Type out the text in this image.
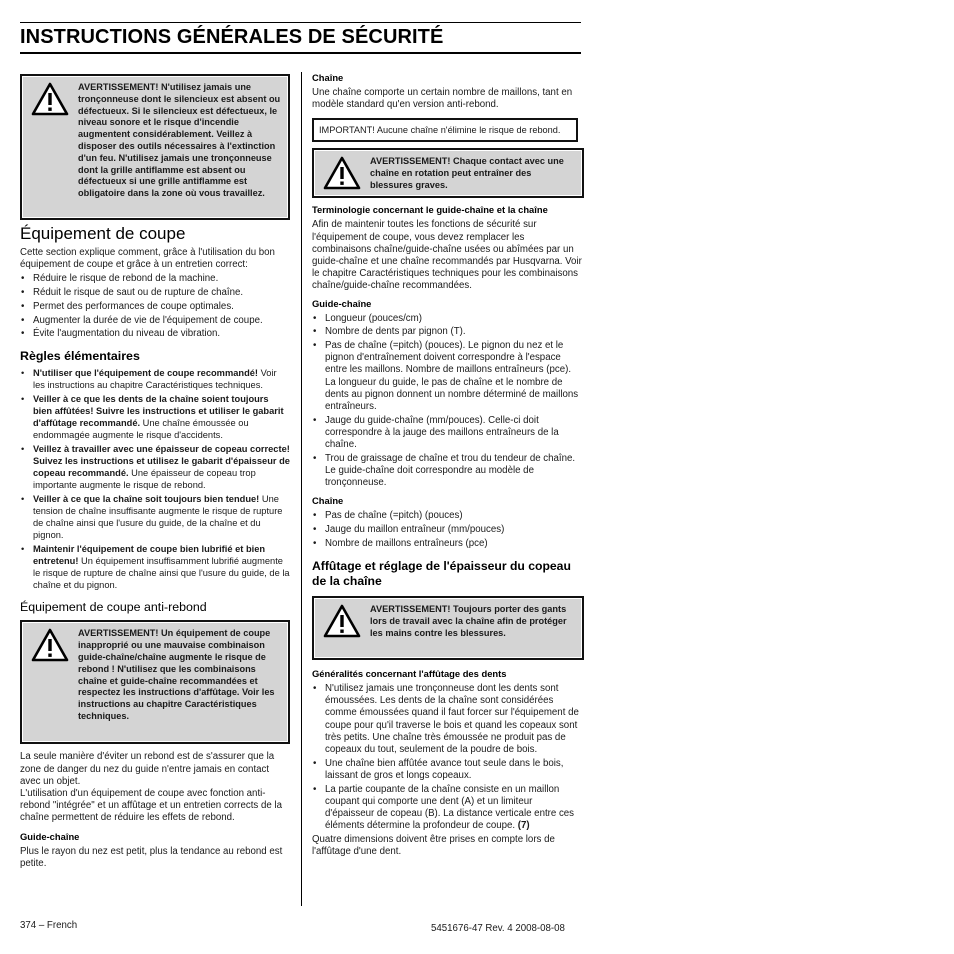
INSTRUCTIONS GÉNÉRALES DE SÉCURITÉ
AVERTISSEMENT! N'utilisez jamais une tronçonneuse dont le silencieux est absent ou défectueux. Si le silencieux est défectueux, le niveau sonore et le risque d'incendie augmentent considérablement. Veillez à disposer des outils nécessaires à l'extinction d'un feu. N'utilisez jamais une tronçonneuse dont la grille antiflamme est absent ou défectueux si une grille antiflamme est obligatoire dans la zone où vous travaillez.
Équipement de coupe
Cette section explique comment, grâce à l'utilisation du bon équipement de coupe et grâce à un entretien correct:
• Réduire le risque de rebond de la machine.
• Réduit le risque de saut ou de rupture de chaîne.
• Permet des performances de coupe optimales.
• Augmenter la durée de vie de l'équipement de coupe.
• Évite l'augmentation du niveau de vibration.
Règles élémentaires
• N'utiliser que l'équipement de coupe recommandé! Voir les instructions au chapitre Caractéristiques techniques.
• Veiller à ce que les dents de la chaîne soient toujours bien affûtées! Suivre les instructions et utiliser le gabarit d'affûtage recommandé. Une chaîne émoussée ou endommagée augmente le risque d'accidents.
• Veillez à travailler avec une épaisseur de copeau correcte! Suivez les instructions et utilisez le gabarit d'épaisseur de copeau recommandé. Une épaisseur de copeau trop importante augmente le risque de rebond.
• Veiller à ce que la chaîne soit toujours bien tendue! Une tension de chaîne insuffisante augmente le risque de rupture de chaîne ainsi que l'usure du guide, de la chaîne et du pignon.
• Maintenir l'équipement de coupe bien lubrifié et bien entretenu! Un équipement insuffisamment lubrifié augmente le risque de rupture de chaîne ainsi que l'usure du guide, de la chaîne et du pignon.
Équipement de coupe anti-rebond
AVERTISSEMENT! Un équipement de coupe inapproprié ou une mauvaise combinaison guide-chaîne/chaîne augmente le risque de rebond ! N'utilisez que les combinaisons chaîne et guide-chaîne recommandées et respectez les instructions d'affûtage. Voir les instructions au chapitre Caractéristiques techniques.
La seule manière d'éviter un rebond est de s'assurer que la zone de danger du nez du guide n'entre jamais en contact avec un objet.
L'utilisation d'un équipement de coupe avec fonction anti-rebond "intégrée" et un affûtage et un entretien corrects de la chaîne permettent de réduire les effets de rebond.
Guide-chaîne
Plus le rayon du nez est petit, plus la tendance au rebond est petite.
Chaîne
Une chaîne comporte un certain nombre de maillons, tant en modèle standard qu'en version anti-rebond.
IMPORTANT! Aucune chaîne n'élimine le risque de rebond.
AVERTISSEMENT! Chaque contact avec une chaîne en rotation peut entraîner des blessures graves.
Terminologie concernant le guide-chaîne et la chaîne
Afin de maintenir toutes les fonctions de sécurité sur l'équipement de coupe, vous devez remplacer les combinaisons chaîne/guide-chaîne usées ou abîmées par un guide-chaîne et une chaîne recommandés par Husqvarna. Voir le chapitre Caractéristiques techniques pour les combinaisons chaîne/guide-chaîne recommandées.
Guide-chaîne
• Longueur (pouces/cm)
• Nombre de dents par pignon (T).
• Pas de chaîne (=pitch) (pouces). Le pignon du nez et le pignon d'entraînement doivent correspondre à l'espace entre les maillons. Nombre de maillons entraîneurs (pce). La longueur du guide, le pas de chaîne et le nombre de dents au pignon donnent un nombre déterminé de maillons entraîneurs.
• Jauge du guide-chaîne (mm/pouces). Celle-ci doit correspondre à la jauge des maillons entraîneurs de la chaîne.
• Trou de graissage de chaîne et trou du tendeur de chaîne. Le guide-chaîne doit correspondre au modèle de tronçonneuse.
Chaîne
• Pas de chaîne (=pitch) (pouces)
• Jauge du maillon entraîneur (mm/pouces)
• Nombre de maillons entraîneurs (pce)
Affûtage et réglage de l'épaisseur du copeau de la chaîne
AVERTISSEMENT! Toujours porter des gants lors de travail avec la chaîne afin de protéger les mains contre les blessures.
Généralités concernant l'affûtage des dents
• N'utilisez jamais une tronçonneuse dont les dents sont émoussées. Les dents de la chaîne sont considérées comme émoussées quand il faut forcer sur l'équipement de coupe pour qu'il traverse le bois et quand les copeaux sont très petits. Une chaîne très émoussée ne produit pas de copeaux du tout, seulement de la poudre de bois.
• Une chaîne bien affûtée avance tout seule dans le bois, laissant de gros et longs copeaux.
• La partie coupante de la chaîne consiste en un maillon coupant qui comporte une dent (A) et un limiteur d'épaisseur de copeau (B). La distance verticale entre ces éléments détermine la profondeur de coupe. (7)
Quatre dimensions doivent être prises en compte lors de l'affûtage d'une dent.
374 – French	5451676-47 Rev. 4 2008-08-08
